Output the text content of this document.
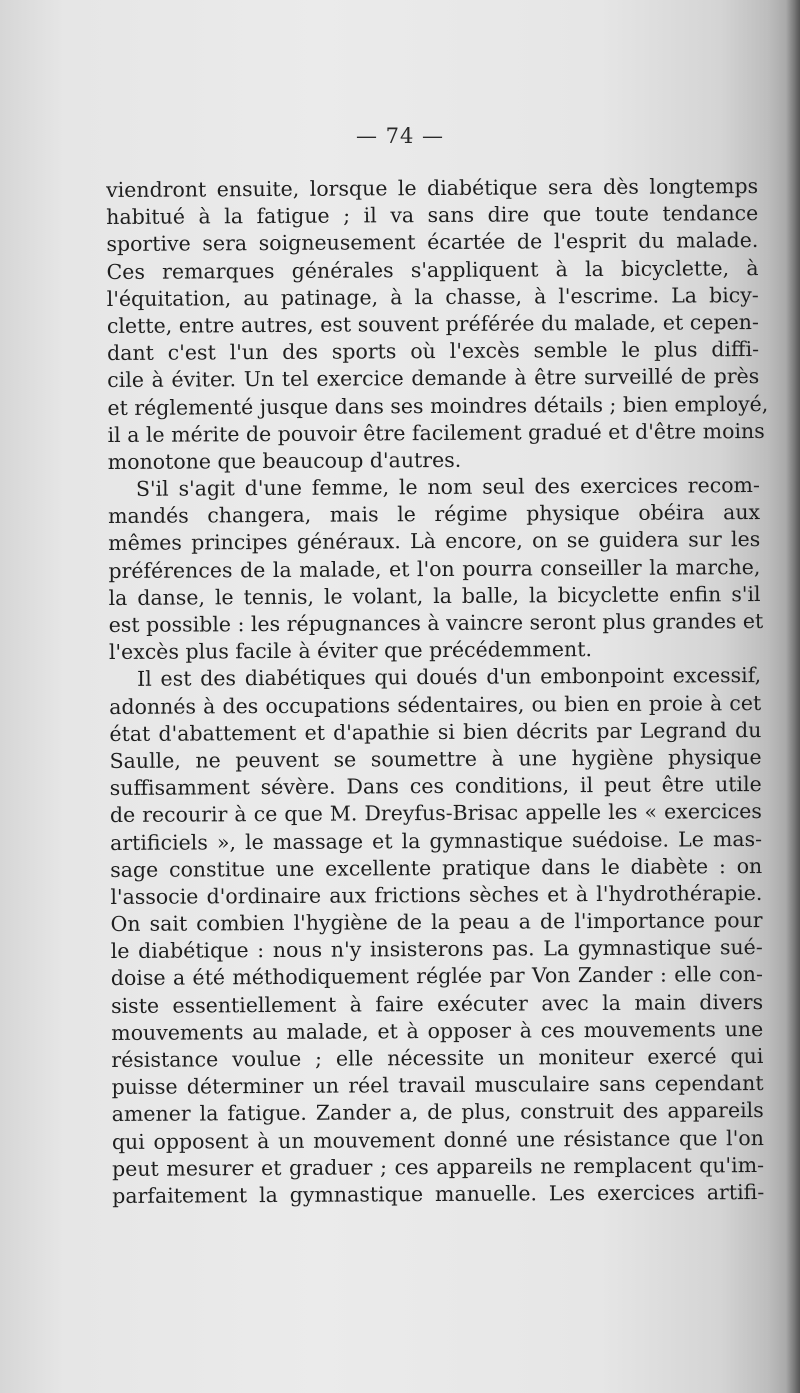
— 74 —
viendront ensuite, lorsque le diabétique sera dès longtemps
habitué à la fatigue ; il va sans dire que toute tendance
sportive sera soigneusement écartée de l'esprit du malade.
Ces remarques générales s'appliquent à la bicyclette, à
l'équitation, au patinage, à la chasse, à l'escrime. La bicy-
clette, entre autres, est souvent préférée du malade, et cepen-
dant c'est l'un des sports où l'excès semble le plus diffi-
cile à éviter. Un tel exercice demande à être surveillé de près
et réglementé jusque dans ses moindres détails ; bien employé,
il a le mérite de pouvoir être facilement gradué et d'être moins
monotone que beaucoup d'autres.
S'il s'agit d'une femme, le nom seul des exercices recom-
mandés changera, mais le régime physique obéira aux
mêmes principes généraux. Là encore, on se guidera sur les
préférences de la malade, et l'on pourra conseiller la marche,
la danse, le tennis, le volant, la balle, la bicyclette enfin s'il
est possible : les répugnances à vaincre seront plus grandes et
l'excès plus facile à éviter que précédemment.
Il est des diabétiques qui doués d'un embonpoint excessif,
adonnés à des occupations sédentaires, ou bien en proie à cet
état d'abattement et d'apathie si bien décrits par Legrand du
Saulle, ne peuvent se soumettre à une hygiène physique
suffisamment sévère. Dans ces conditions, il peut être utile
de recourir à ce que M. Dreyfus-Brisac appelle les « exercices
artificiels », le massage et la gymnastique suédoise. Le mas-
sage constitue une excellente pratique dans le diabète : on
l'associe d'ordinaire aux frictions sèches et à l'hydrothérapie.
On sait combien l'hygiène de la peau a de l'importance pour
le diabétique : nous n'y insisterons pas. La gymnastique sué-
doise a été méthodiquement réglée par Von Zander : elle con-
siste essentiellement à faire exécuter avec la main divers
mouvements au malade, et à opposer à ces mouvements une
résistance voulue ; elle nécessite un moniteur exercé qui
puisse déterminer un réel travail musculaire sans cependant
amener la fatigue. Zander a, de plus, construit des appareils
qui opposent à un mouvement donné une résistance que l'on
peut mesurer et graduer ; ces appareils ne remplacent qu'im-
parfaitement la gymnastique manuelle. Les exercices artifi-
